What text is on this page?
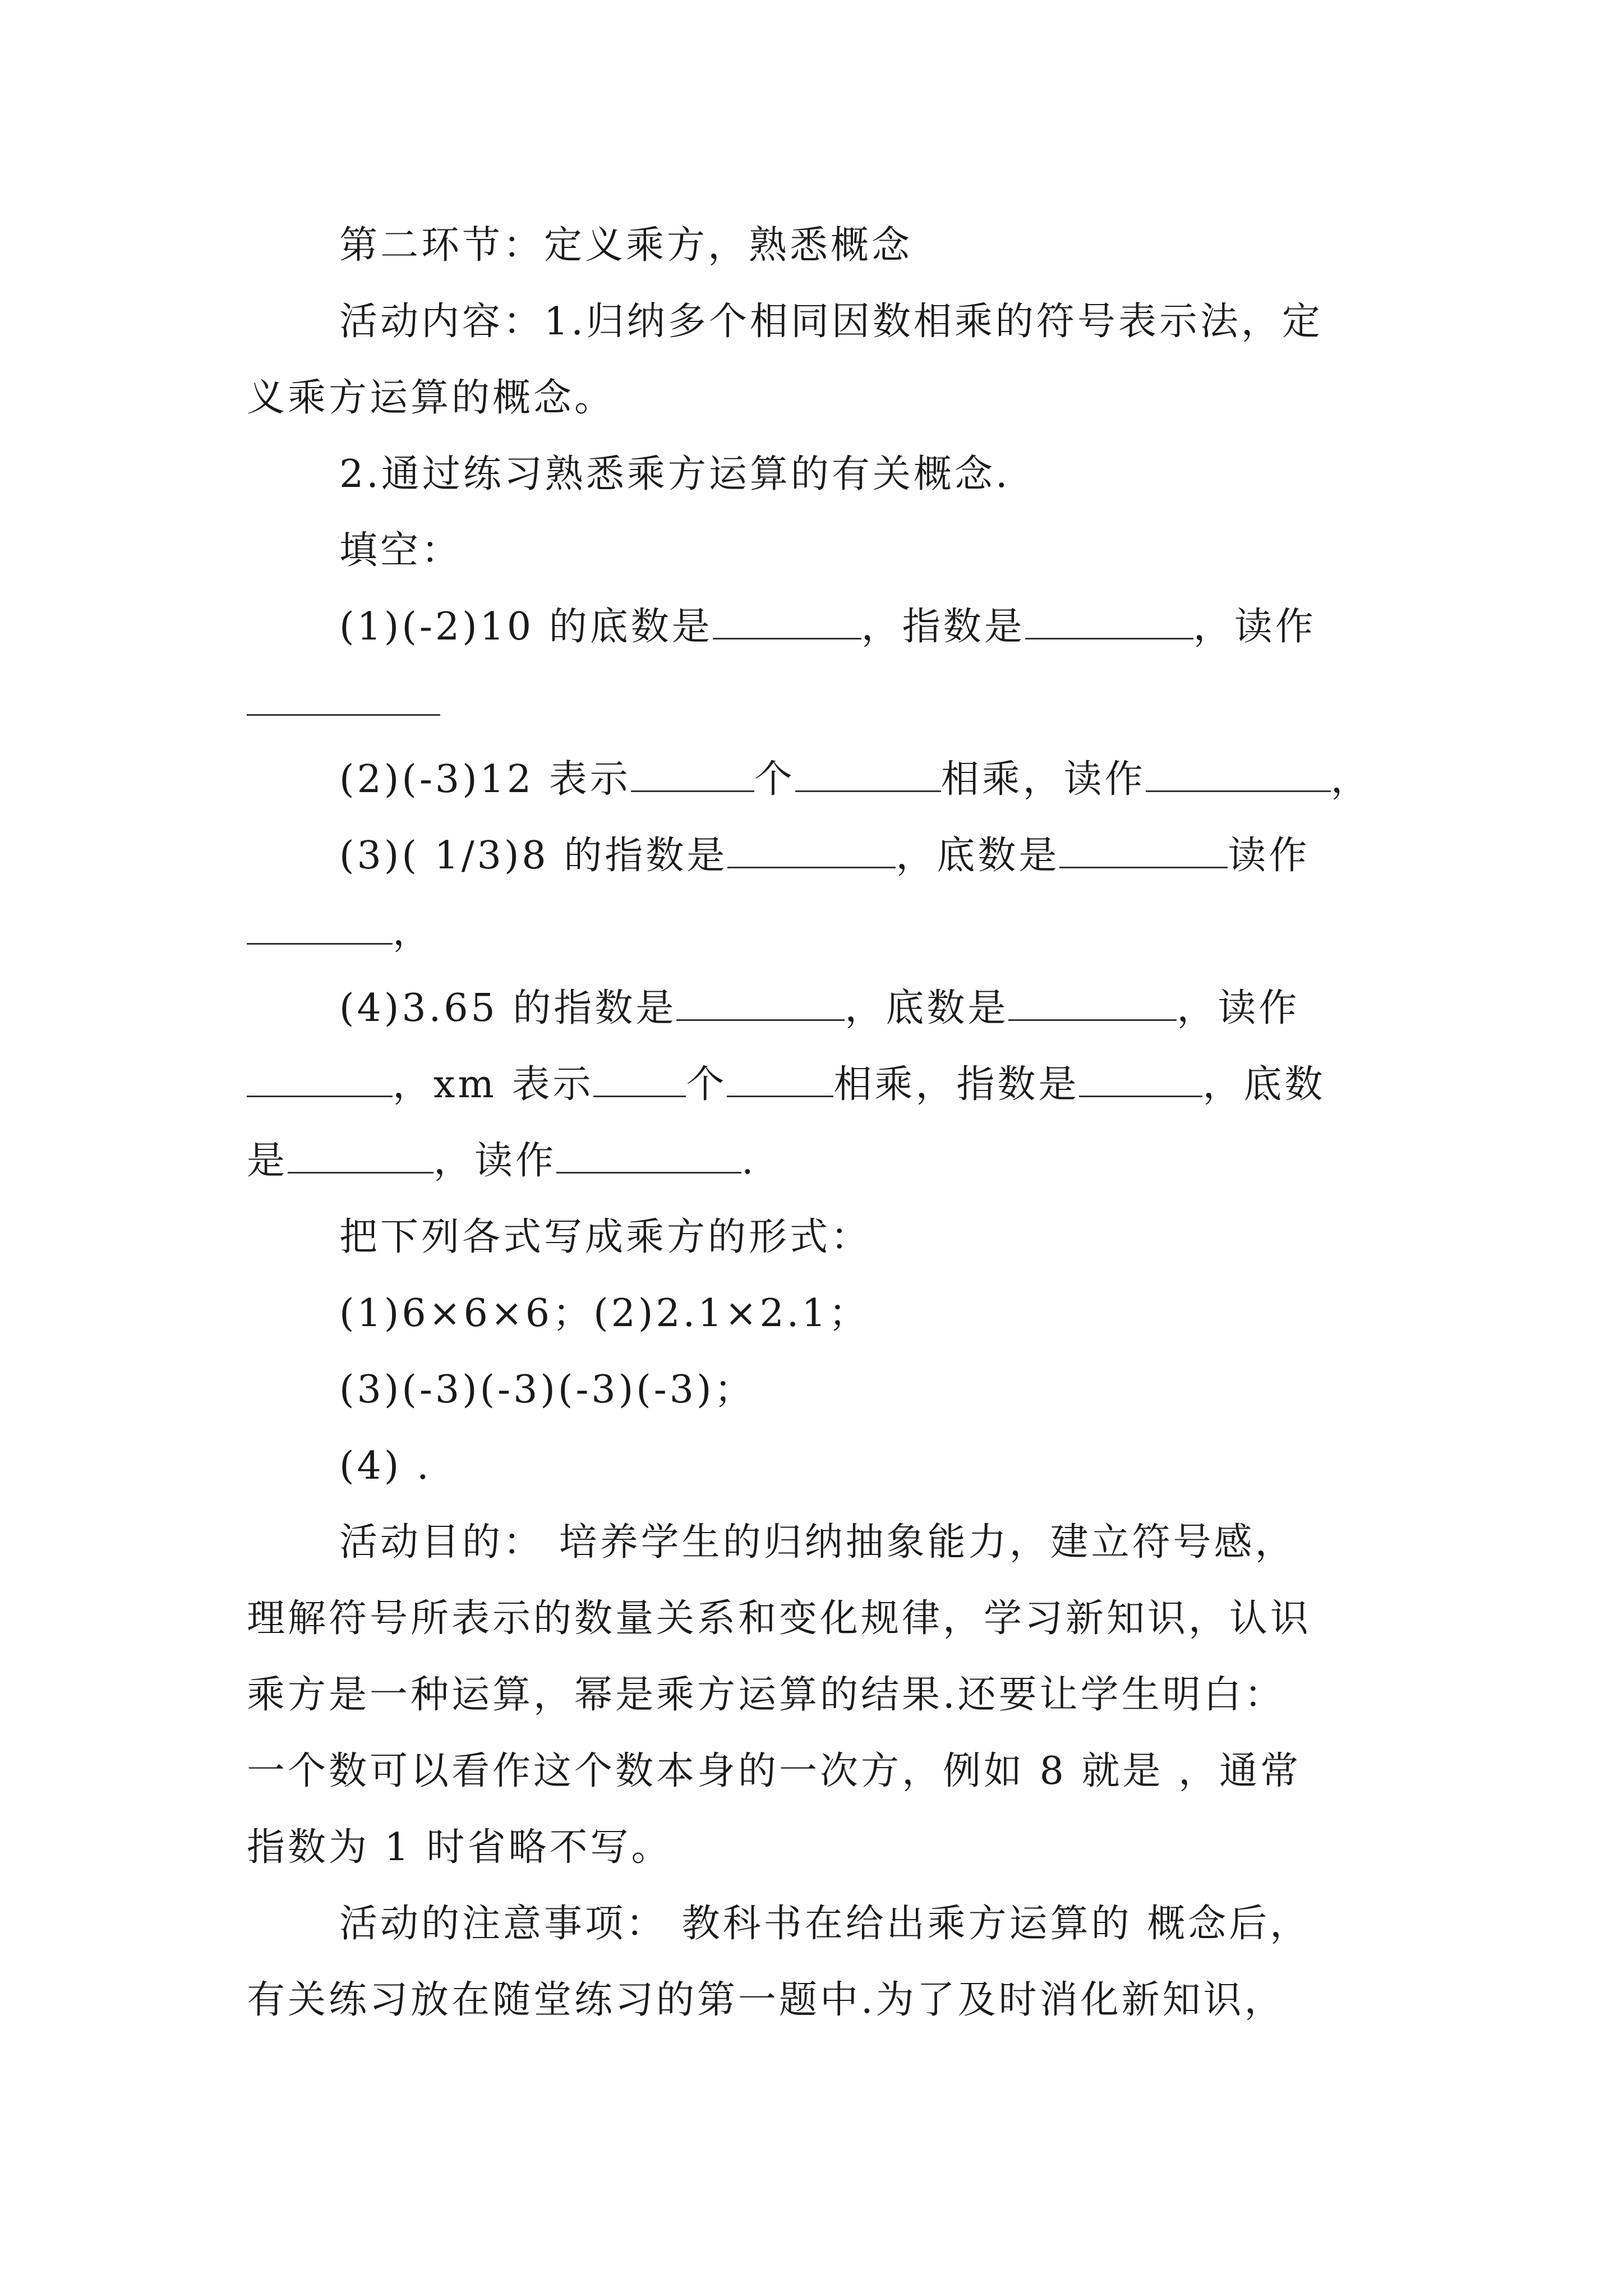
第二环节：定义乘方，熟悉概念
活动内容：1.归纳多个相同因数相乘的符号表示法，定
义乘方运算的概念。
2.通过练习熟悉乘方运算的有关概念.
填空：
(1)(-2)10 的底数是	，指数是	，读作
(2)(-3)12 表示	个	相乘，读作	，
(3)( 1/3)8 的指数是	，底数是	读作
，
(4)3.65 的指数是	，底数是	，读作
，xm 表示 个	相乘，指数是	，底数
是	，读作	.
把下列各式写成乘方的形式：
(1)6×6×6；(2)2.1×2.1；
(3)(-3)(-3)(-3)(-3)；
(4) .
活动目的： 培养学生的归纳抽象能力，建立符号感，
理解符号所表示的数量关系和变化规律，学习新知识，认识
乘方是一种运算，幂是乘方运算的结果.还要让学生明白：
一个数可以看作这个数本身的一次方，例如 8 就是 ，通常
指数为 1 时省略不写。
活动的注意事项： 教科书在给出乘方运算的 概念后，
有关练习放在随堂练习的第一题中.为了及时消化新知识，
